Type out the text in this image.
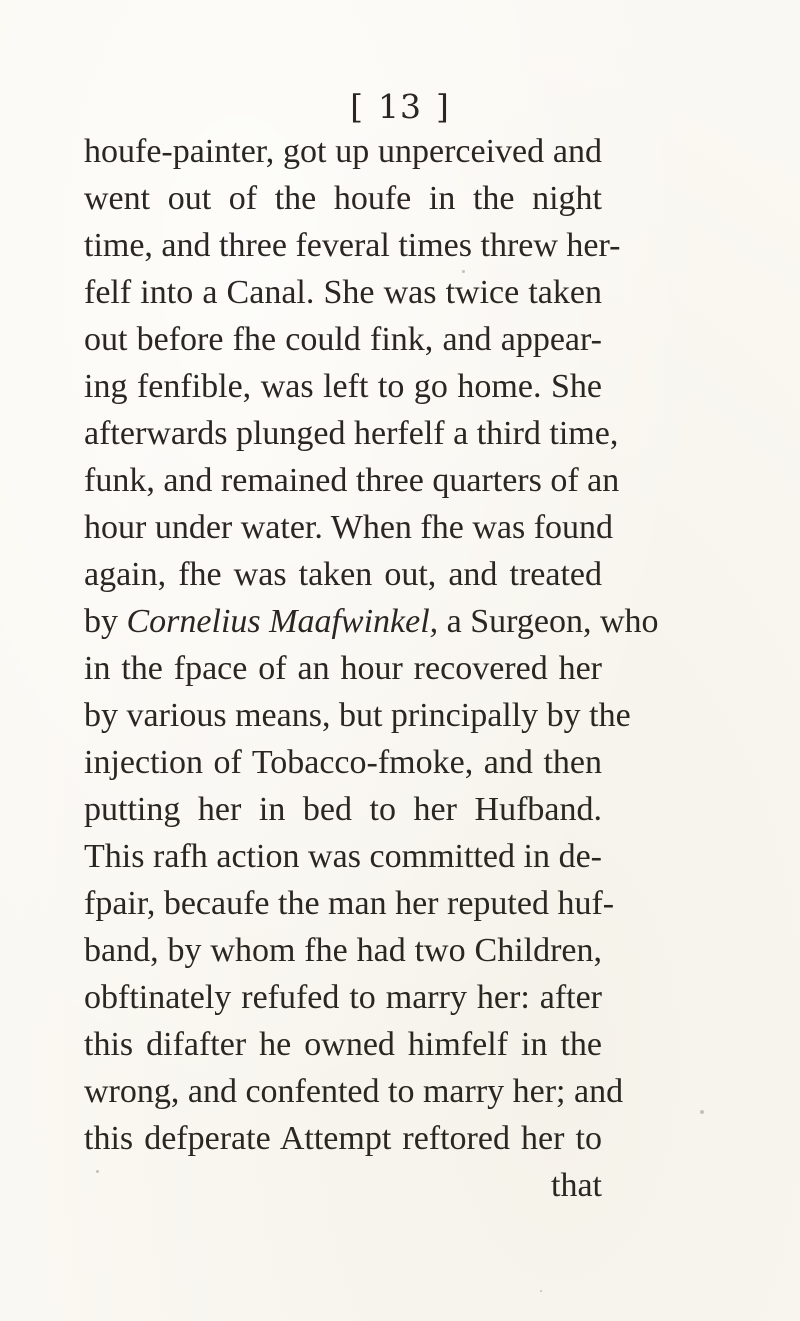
[ 13 ]
houfe-painter, got up unperceived and
went out of the houfe in the night
time, and three feveral times threw her-
felf into a Canal. She was twice taken
out before fhe could fink, and appear-
ing fenfible, was left to go home. She
afterwards plunged herfelf a third time,
funk, and remained three quarters of an
hour under water. When fhe was found
again, fhe was taken out, and treated
by Cornelius Maafwinkel, a Surgeon, who
in the fpace of an hour recovered her
by various means, but principally by the
injection of Tobacco-fmoke, and then
putting her in bed to her Hufband.
This rafh action was committed in de-
fpair, becaufe the man her reputed huf-
band, by whom fhe had two Children,
obftinately refufed to marry her: after
this difafter he owned himfelf in the
wrong, and confented to marry her; and
this defperate Attempt reftored her to
that
